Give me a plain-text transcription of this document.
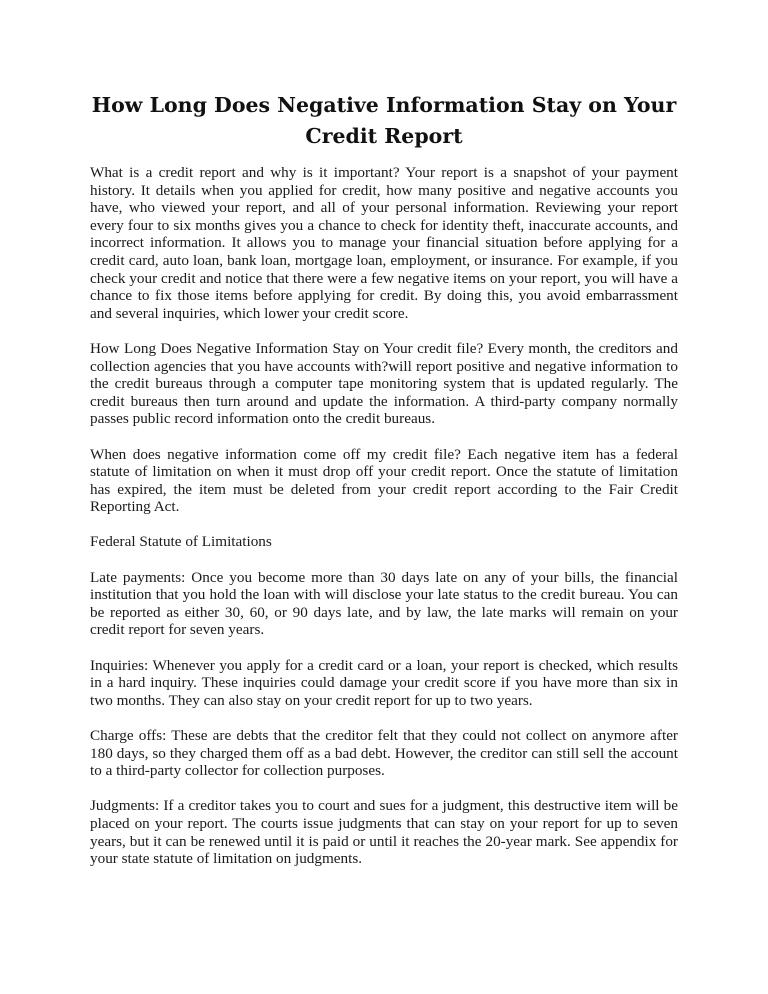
How Long Does Negative Information Stay on Your
Credit Report

What is a credit report and why is it important? Your report is a snapshot of your payment history. It details when you applied for credit, how many positive and negative accounts you have, who viewed your report, and all of your personal information. Reviewing your report every four to six months gives you a chance to check for identity theft, inaccurate accounts, and incorrect information. It allows you to manage your financial situation before applying for a credit card, auto loan, bank loan, mortgage loan, employment, or insurance. For example, if you check your credit and notice that there were a few negative items on your report, you will have a chance to fix those items before applying for credit. By doing this, you avoid embarrassment and several inquiries, which lower your credit score.

How Long Does Negative Information Stay on Your credit file? Every month, the creditors and collection agencies that you have accounts with?will report positive and negative information to the credit bureaus through a computer tape monitoring system that is updated regularly. The credit bureaus then turn around and update the information. A third-party company normally passes public record information onto the credit bureaus.

When does negative information come off my credit file? Each negative item has a federal statute of limitation on when it must drop off your credit report. Once the statute of limitation has expired, the item must be deleted from your credit report according to the Fair Credit Reporting Act.

Federal Statute of Limitations

Late payments: Once you become more than 30 days late on any of your bills, the financial institution that you hold the loan with will disclose your late status to the credit bureau. You can be reported as either 30, 60, or 90 days late, and by law, the late marks will remain on your credit report for seven years.

Inquiries: Whenever you apply for a credit card or a loan, your report is checked, which results in a hard inquiry. These inquiries could damage your credit score if you have more than six in two months. They can also stay on your credit report for up to two years.

Charge offs: These are debts that the creditor felt that they could not collect on anymore after 180 days, so they charged them off as a bad debt. However, the creditor can still sell the account to a third-party collector for collection purposes.

Judgments: If a creditor takes you to court and sues for a judgment, this destructive item will be placed on your report. The courts issue judgments that can stay on your report for up to seven years, but it can be renewed until it is paid or until it reaches the 20-year mark. See appendix for your state statute of limitation on judgments.
